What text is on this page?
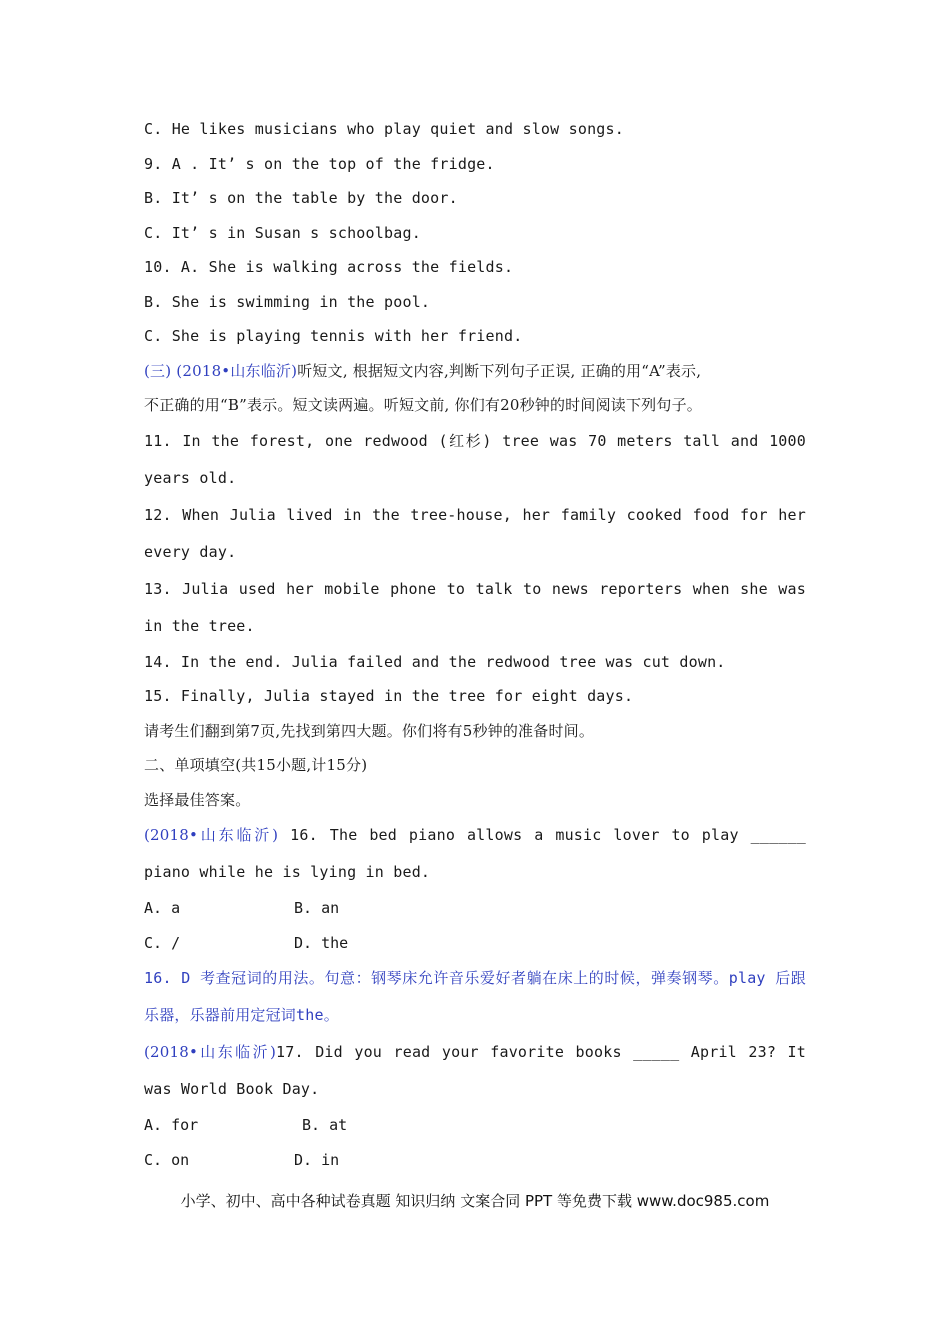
C. He likes musicians who play quiet and slow songs.
9. A . It’ s on the top of the fridge.
B. It’ s on the table by the door.
C. It’ s in Susan s schoolbag.
10. A. She is walking across the fields.
B. She is swimming in the pool.
C. She is playing tennis with her friend.
(三) (2018•山东临沂)听短文, 根据短文内容,判断下列句子正误, 正确的用“A”表示,
不正确的用“B”表示。短文读两遍。听短文前, 你们有20秒钟的时间阅读下列句子。
11. In the forest, one redwood (红杉) tree was 70 meters tall and 1000 years old.
12. When Julia lived in the tree-house, her family cooked food for her every day.
13. Julia used her mobile phone to talk to news reporters when she was in the tree.
14. In the end. Julia failed and the redwood tree was cut down.
15. Finally, Julia stayed in the tree for eight days.
请考生们翻到第7页,先找到第四大题。你们将有5秒钟的准备时间。
二、单项填空(共15小题,计15分)
选择最佳答案。
(2018•山东临沂) 16. The bed piano allows a music lover to play ______ piano while he is lying in bed.
A. a	B. an
C. /	D. the
16. D 考查冠词的用法。句意：钢琴床允许音乐爱好者躺在床上的时候，弹奏钢琴。play 后跟乐器，乐器前用定冠词the。
(2018•山东临沂)17. Did you read your favorite books _____ April 23? It was World Book Day.
A. for	B. at
C. on	D. in
小学、初中、高中各种试卷真题 知识归纳 文案合同 PPT 等免费下载 www.doc985.com
